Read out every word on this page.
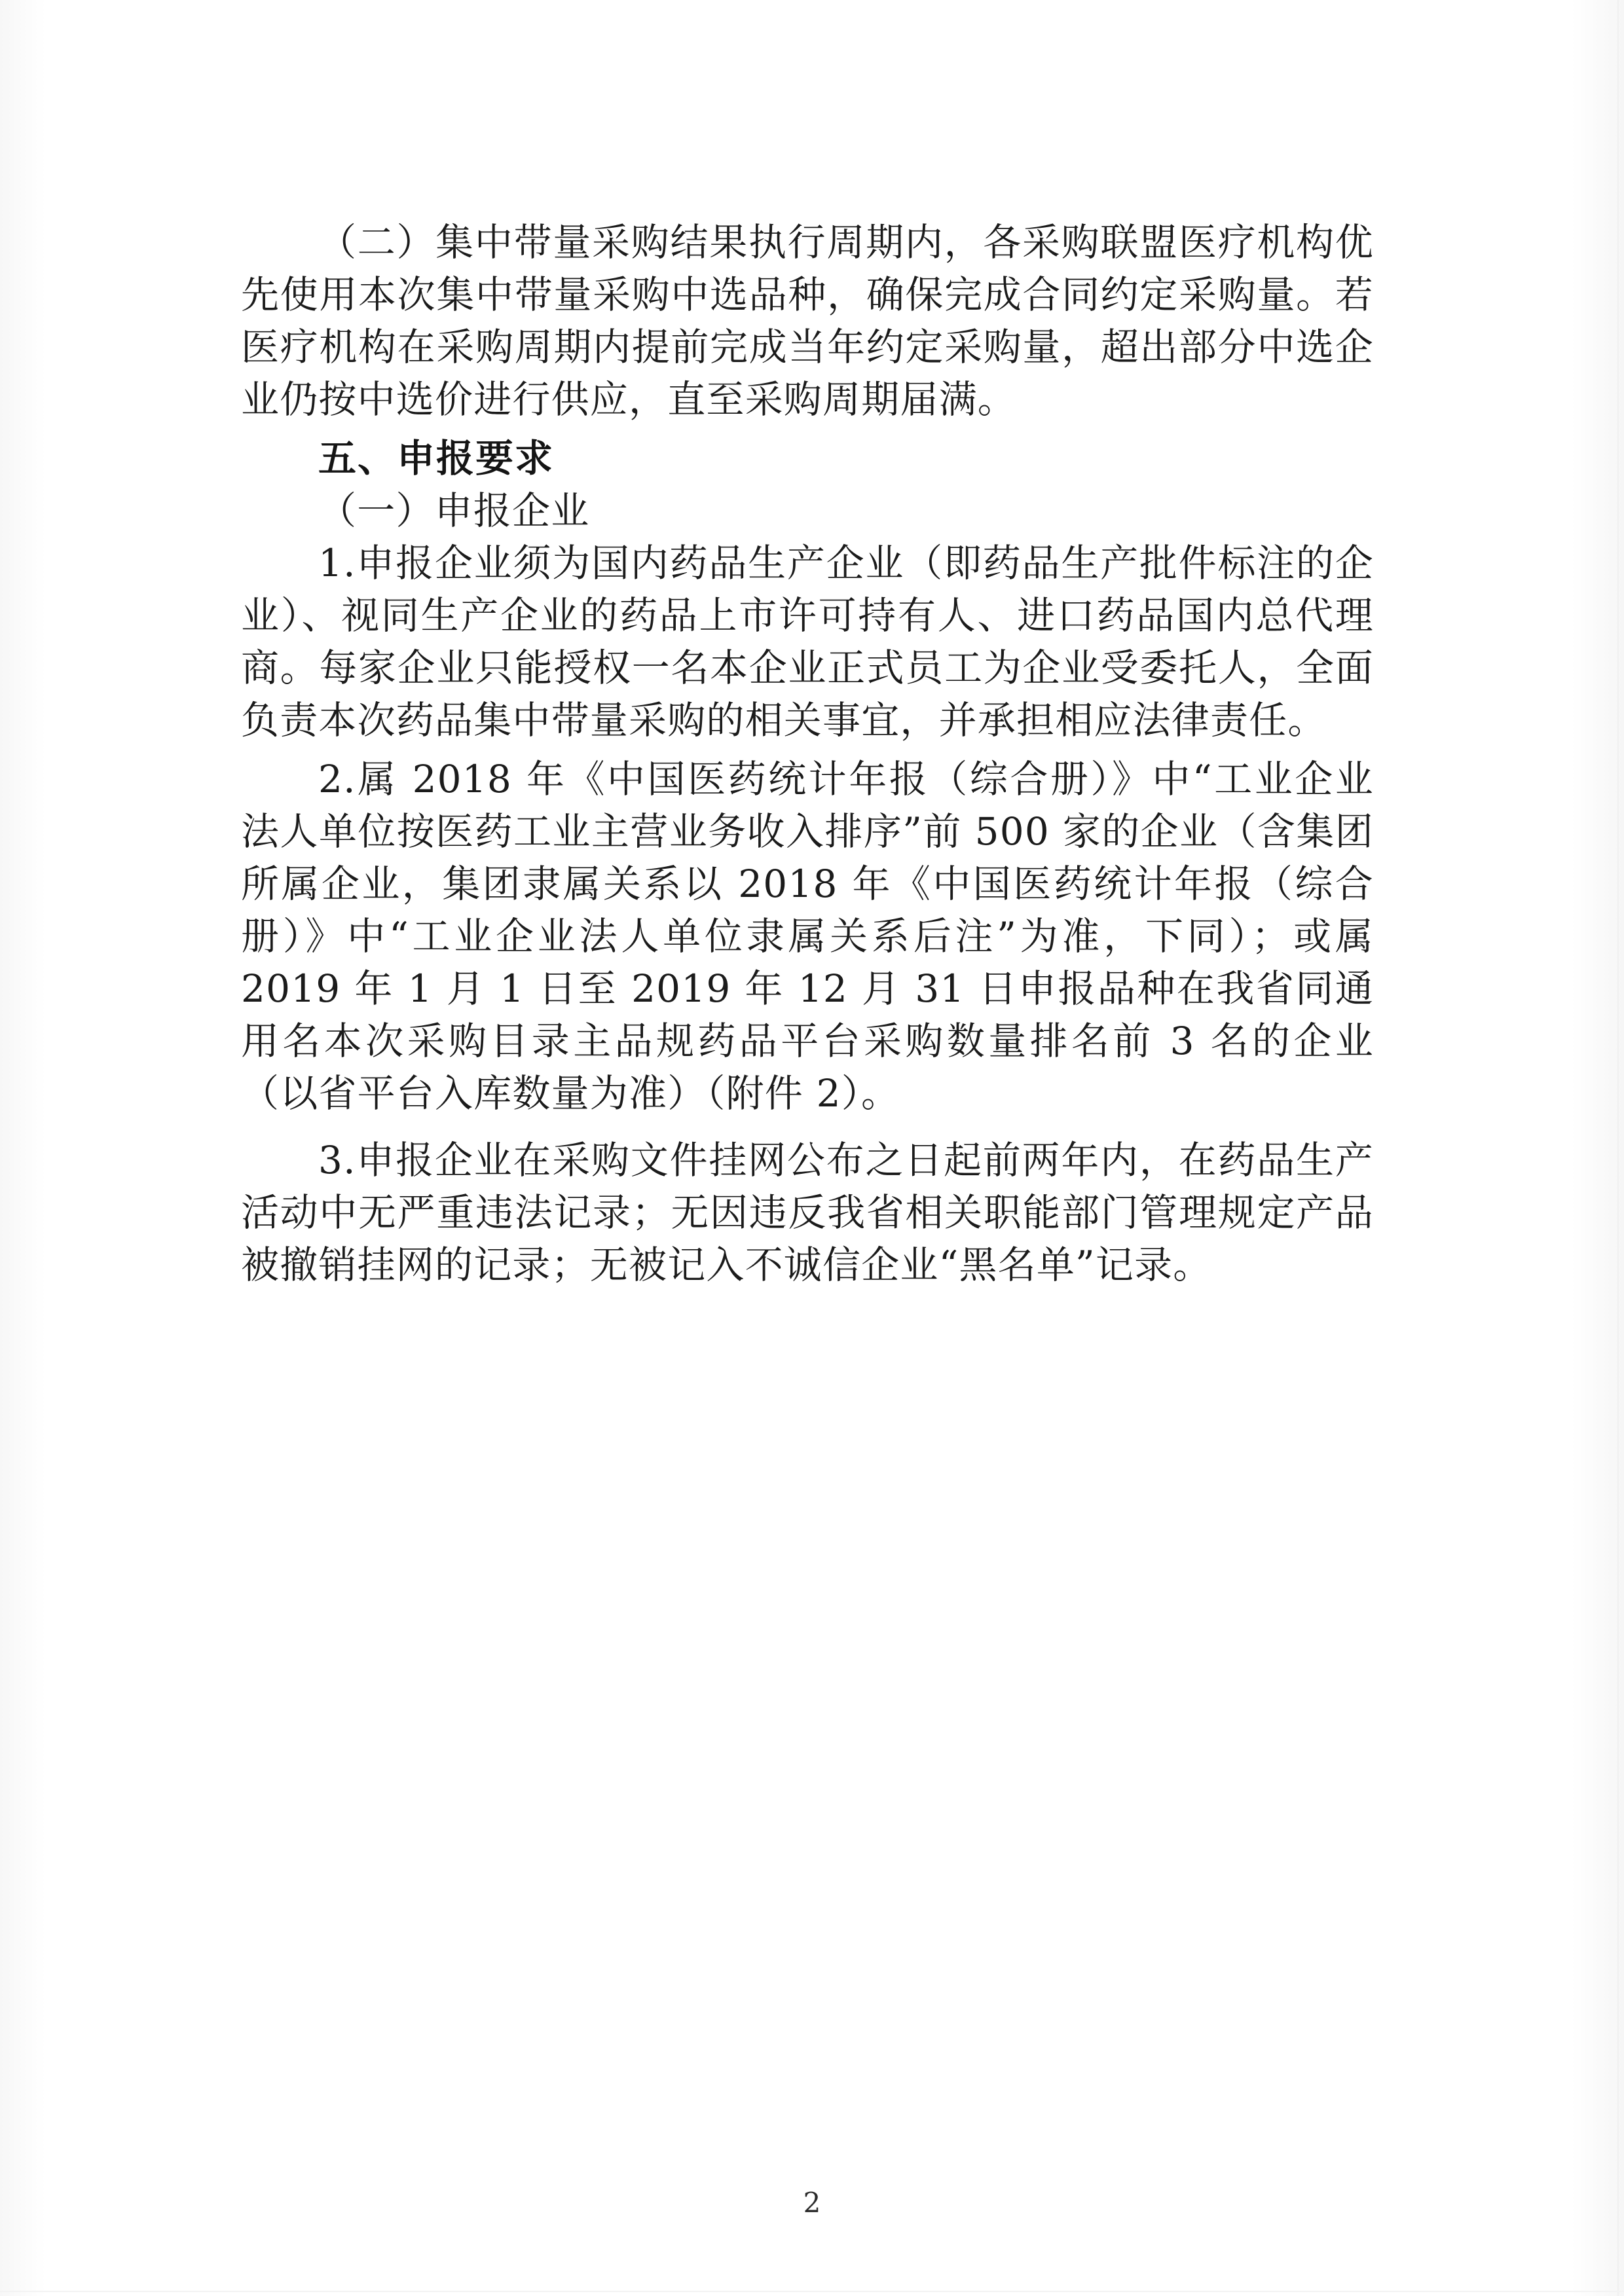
（二）集中带量采购结果执行周期内，各采购联盟医疗机构优先使用本次集中带量采购中选品种，确保完成合同约定采购量。若医疗机构在采购周期内提前完成当年约定采购量，超出部分中选企业仍按中选价进行供应，直至采购周期届满。

五、申报要求

（一）申报企业

1.申报企业须为国内药品生产企业（即药品生产批件标注的企业）、视同生产企业的药品上市许可持有人、进口药品国内总代理商。每家企业只能授权一名本企业正式员工为企业受委托人，全面负责本次药品集中带量采购的相关事宜，并承担相应法律责任。

2.属 2018 年《中国医药统计年报（综合册）》中“工业企业法人单位按医药工业主营业务收入排序”前 500 家的企业（含集团所属企业，集团隶属关系以 2018 年《中国医药统计年报（综合册）》中“工业企业法人单位隶属关系后注”为准，下同）；或属 2019 年 1 月 1 日至 2019 年 12 月 31 日申报品种在我省同通用名本次采购目录主品规药品平台采购数量排名前 3 名的企业（以省平台入库数量为准）（附件 2）。

3.申报企业在采购文件挂网公布之日起前两年内，在药品生产活动中无严重违法记录；无因违反我省相关职能部门管理规定产品被撤销挂网的记录；无被记入不诚信企业“黑名单”记录。

2
